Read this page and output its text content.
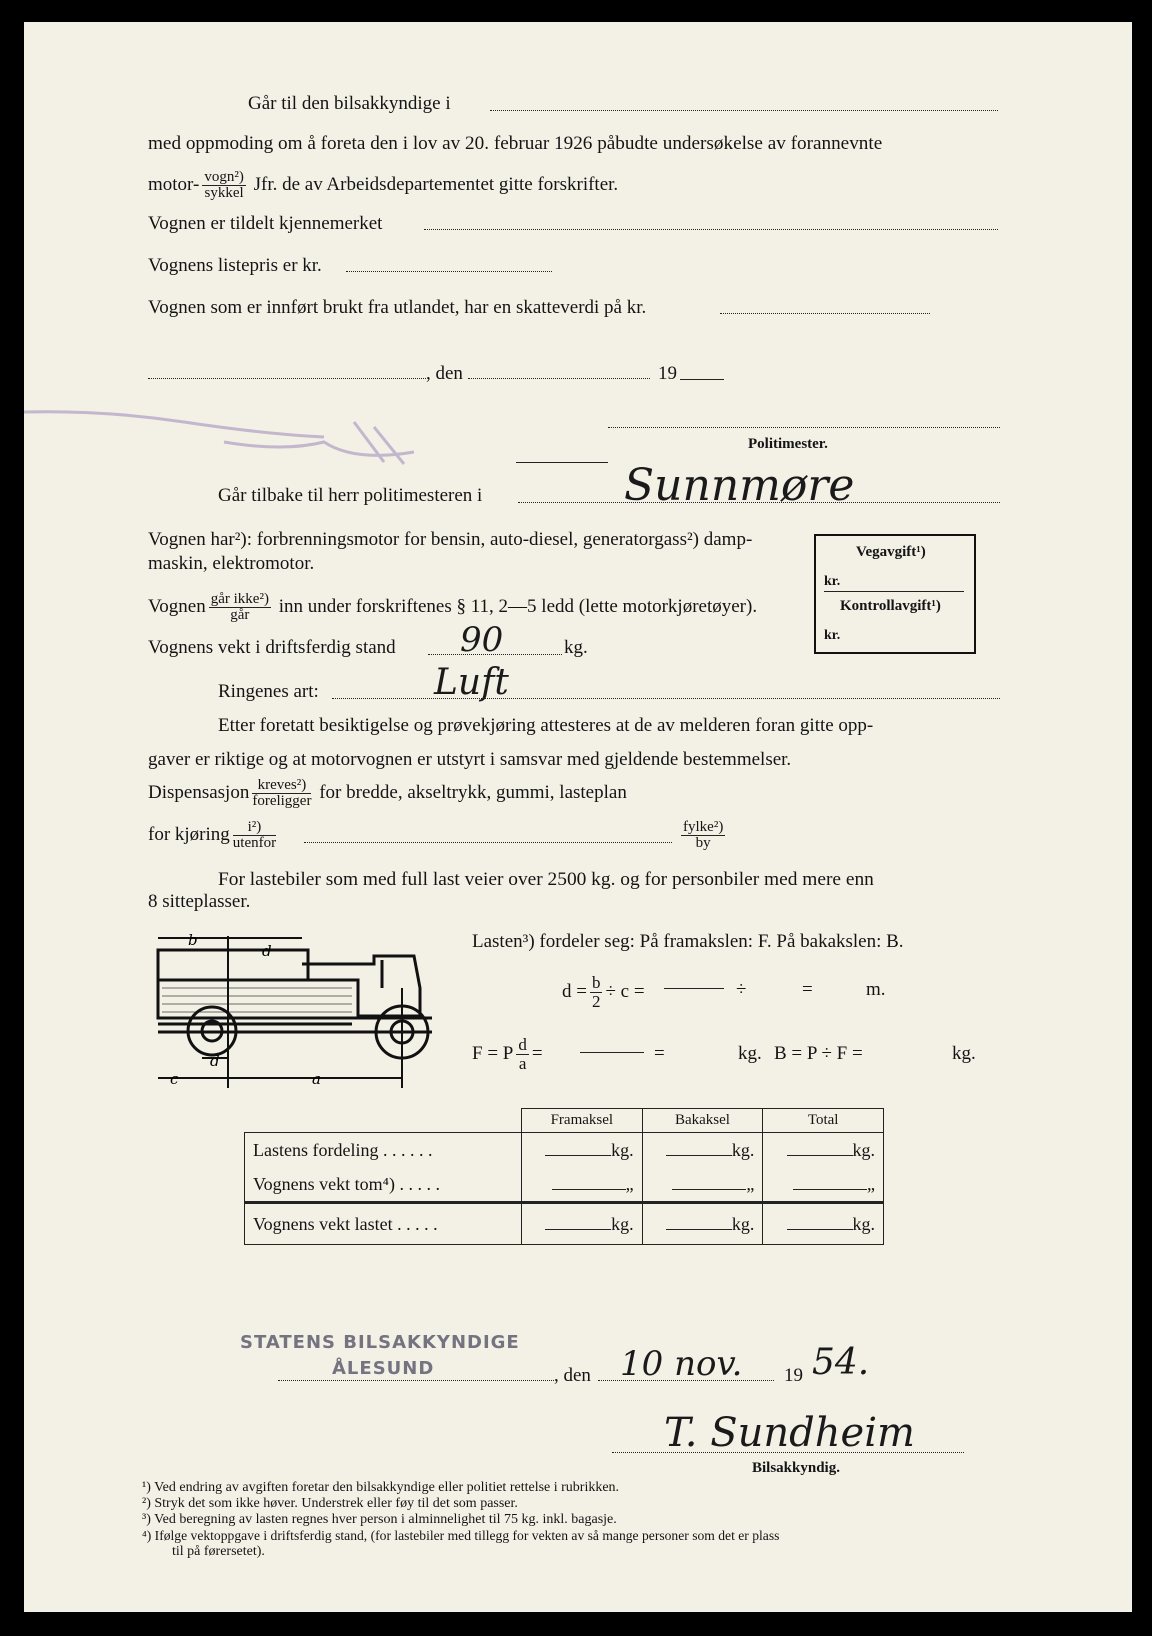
Går til den bilsakkyndige i
med oppmoding om å foreta den i lov av 20. februar 1926 påbudte undersøkelse av forannevnte
motor- $\frac{\text{vogn²)}}{\text{sykkel}}$ Jfr. de av Arbeidsdepartementet gitte forskrifter.
Vognen er tildelt kjennemerket
Vognens listepris er kr.
Vognen som er innført brukt fra utlandet, har en skatteverdi på kr.
, den	19
Politimester.
Går tilbake til herr politimesteren i	Sunnmøre
Vognen har²): forbrenningsmotor for bensin, auto-diesel, generatorgass²) damp-
maskin, elektromotor.
Vegavgift¹)
kr.
Kontrollavgift¹)
kr.
Vognen $\frac{\text{går ikke²)}}{\text{går}}$ inn under forskriftenes § 11, 2—5 ledd (lette motorkjøretøyer).
Vognens vekt i driftsferdig stand 90	kg.
Ringenes art:	Luft
Etter foretatt besiktigelse og prøvekjøring attesteres at de av melderen foran gitte opp-
gaver er riktige og at motorvognen er utstyrt i samsvar med gjeldende bestemmelser.
Dispensasjon $\frac{\text{kreves²)}}{\text{foreligger}}$ for bredde, akseltrykk, gummi, lasteplan
for kjøring $\frac{\text{i²)}}{\text{utenfor}}$	$\frac{\text{fylke²)}}{by}$
For lastebiler som med full last veier over 2500 kg. og for personbiler med mere enn
8 sitteplasser.
b
d
d
c	a
Lasten³) fordeler seg: På framakslen: F. På bakakslen: B.
$d = \frac{b}{2} \div c$ =	÷	=	m.
F = P $\frac{d}{a}$ =	=	kg. B = P ÷ F =	kg.
	Framaksel	Bakaksel	Total
Lastens fordeling . . . . . .	kg.	kg.	kg.
Vognens vekt tom⁴) . . . . .	„	„	„
Vognens vekt lastet . . . . .	kg.	kg.	kg.
STATENS BILSAKKYNDIGE
ÅLESUND	, den 10 nov. 19 54.
T. Sundheim
Bilsakkyndig.
¹) Ved endring av avgiften foretar den bilsakkyndige eller politiet rettelse i rubrikken.
²) Stryk det som ikke høver. Understrek eller føy til det som passer.
³) Ved beregning av lasten regnes hver person i alminnelighet til 75 kg. inkl. bagasje.
⁴) Ifølge vektoppgave i driftsferdig stand, (for lastebiler med tillegg for vekten av så mange personer som det er plass
til på førersetet).
